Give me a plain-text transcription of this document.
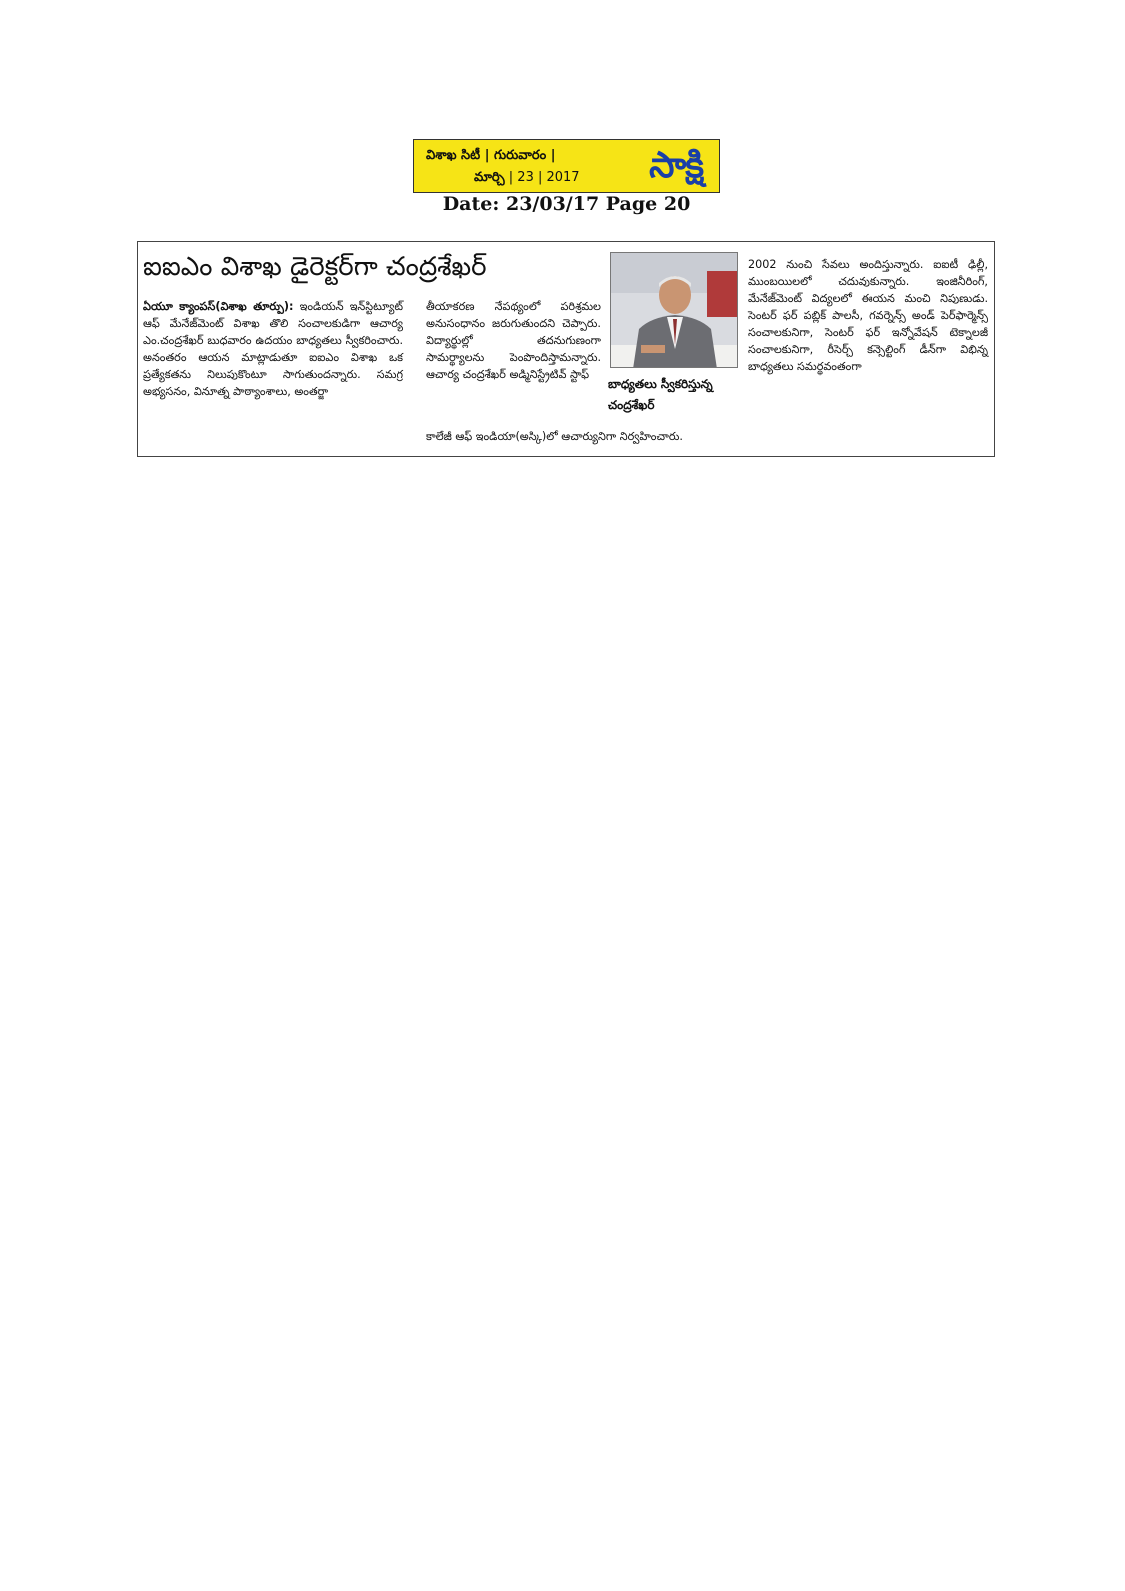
విశాఖ సిటీ | గురువారం |
మార్చి | 23 | 2017 సాక్షి
Date: 23/03/17 Page 20
ఐఐఎం విశాఖ డైరెక్టర్‌గా చంద్రశేఖర్
ఏయూ క్యాంపస్(విశాఖ తూర్పు): ఇండియన్ ఇన్‌స్టిట్యూట్ ఆఫ్ మేనేజ్‌మెంట్ విశాఖ తొలి సంచాలకుడిగా ఆచార్య ఎం.చంద్రశేఖర్ బుధవారం ఉదయం బాధ్యతలు స్వీకరించారు. అనంతరం ఆయన మాట్లాడుతూ ఐఐఎం విశాఖ ఒక ప్రత్యేకతను నిలుపుకొంటూ సాగుతుందన్నారు. సమగ్ర అభ్యసనం, వినూత్న పాఠ్యాంశాలు, అంతర్జా
తీయాకరణ నేపథ్యంలో పరిశ్రమల అనుసంధానం జరుగుతుందని చెప్పారు. విద్యార్థుల్లో తదనుగుణంగా సామర్థ్యాలను పెంపొందిస్తామన్నారు. ఆచార్య చంద్రశేఖర్ అడ్మినిస్ట్రేటివ్ స్టాఫ్
కాలేజీ ఆఫ్ ఇండియా(అస్కి)లో ఆచార్యునిగా నిర్వహించారు.
బాధ్యతలు స్వీకరిస్తున్న చంద్రశేఖర్
2002 నుంచి సేవలు అందిస్తున్నారు. ఐఐటీ ఢిల్లీ, ముంబయిలలో చదువుకున్నారు. ఇంజినీరింగ్, మేనేజ్‌మెంట్ విద్యలలో ఈయన మంచి నిపుణుడు. సెంటర్ ఫర్ పబ్లిక్ పాలసీ, గవర్నెన్స్ అండ్ పెర్‌ఫార్మెన్స్ సంచాలకునిగా, సెంటర్ ఫర్ ఇన్నోవేషన్ టెక్నాలజీ సంచాలకునిగా, రీసెర్చ్ కన్సెల్టింగ్ డీన్‌గా విభిన్న బాధ్యతలు సమర్థవంతంగా
